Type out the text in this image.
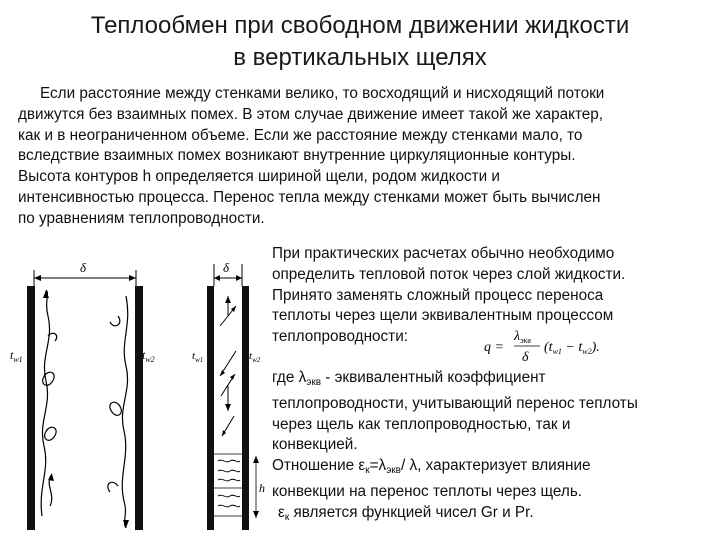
Теплообмен при свободном движении жидкости
в вертикальных щелях
Если расстояние между стенками велико, то восходящий и нисходящий потоки
движутся без взаимных помех. В этом случае движение имеет такой же характер,
как и в неограниченном объеме. Если же расстояние между стенками мало, то
вследствие взаимных помех возникают внутренние циркуляционные контуры.
Высота контуров h определяется шириной щели, родом жидкости и
интенсивностью процесса. Перенос тепла между стенками может быть вычислен
по уравнениям теплопроводности.
δ
$t_{w1}$	$t_{w2}$
δ
$t_{w1}$	$t_{w2}$
h
При практических расчетах обычно необходимо
определить тепловой поток через слой жидкости.
Принято заменять сложный процесс переноса
теплоты через щели эквивалентным процессом
теплопроводности:
где $\lambda_{экв}$ - эквивалентный коэффициент
теплопроводности, учитывающий перенос теплоты
через щель как теплопроводностью, так и
конвекцией.
Отношение $\varepsilon_к=\lambda_{экв}/$ λ, характеризует влияние
конвекции на перенос теплоты через щель.
$\varepsilon_к$ является функцией чисел Gr и Pr.
q =
$\lambda_{экв}$
δ
$(t_{w1} - t_{w2})$.
